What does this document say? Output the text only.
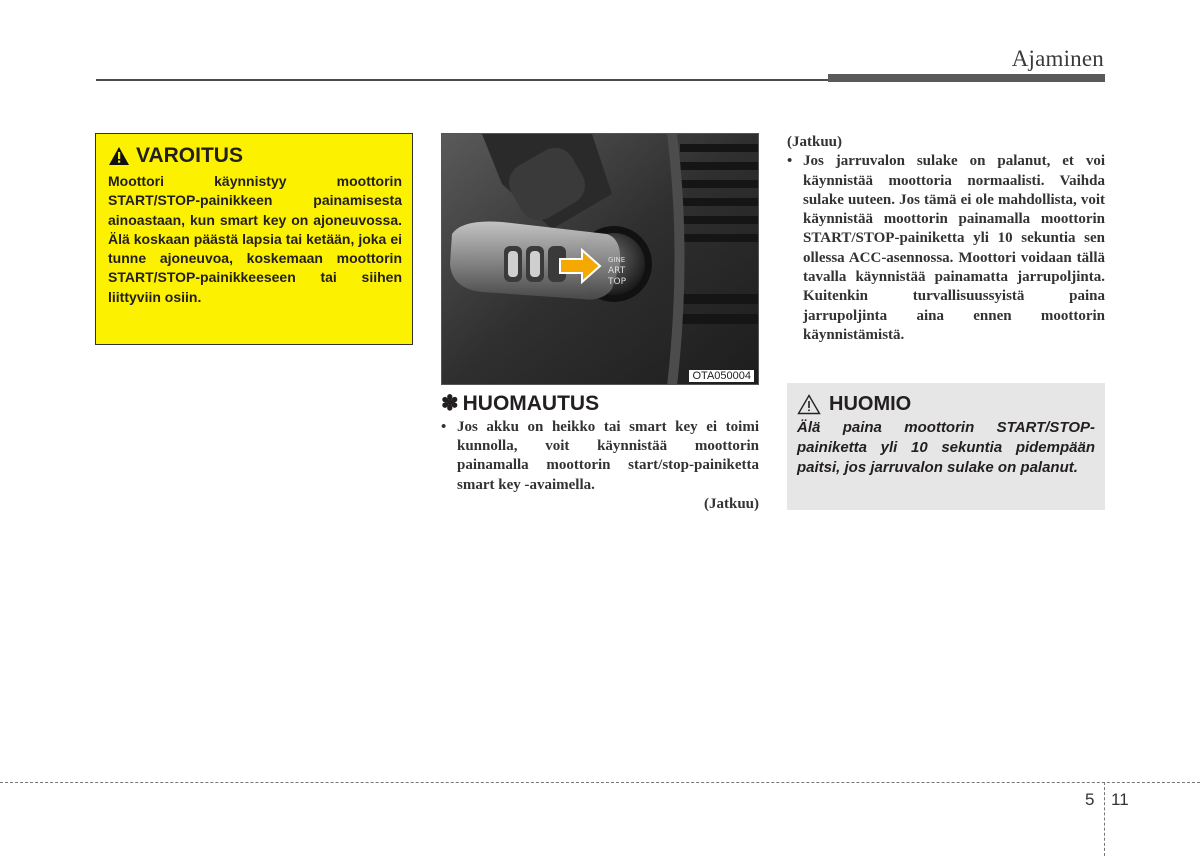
Ajaminen
VAROITUS
Moottori käynnistyy moottorin START/STOP-painikkeen painamisesta ainoastaan, kun smart key on ajoneuvossa. Älä koskaan päästä lapsia tai ketään, joka ei tunne ajoneuvoa, koskemaan moottorin START/STOP-painikkeeseen tai siihen liittyviin osiin.
GINE
ART
TOP
OTA050004
✽ HUOMAUTUS
• Jos akku on heikko tai smart key ei toimi kunnolla, voit käynnistää moottorin painamalla moottorin start/stop-painiketta smart key -avaimella.
(Jatkuu)
(Jatkuu)
• Jos jarruvalon sulake on palanut, et voi käynnistää moottoria normaalisti. Vaihda sulake uuteen. Jos tämä ei ole mahdollista, voit käynnistää moottorin painamalla moottorin START/STOP-painiketta yli 10 sekuntia sen ollessa ACC-asennossa. Moottori voidaan tällä tavalla käynnistää painamatta jarrupoljinta. Kuitenkin turvallisuussyistä paina jarrupoljinta aina ennen moottorin käynnistämistä.
HUOMIO
Älä paina moottorin START/STOP-painiketta yli 10 sekuntia pidempään paitsi, jos jarruvalon sulake on palanut.
5 11
